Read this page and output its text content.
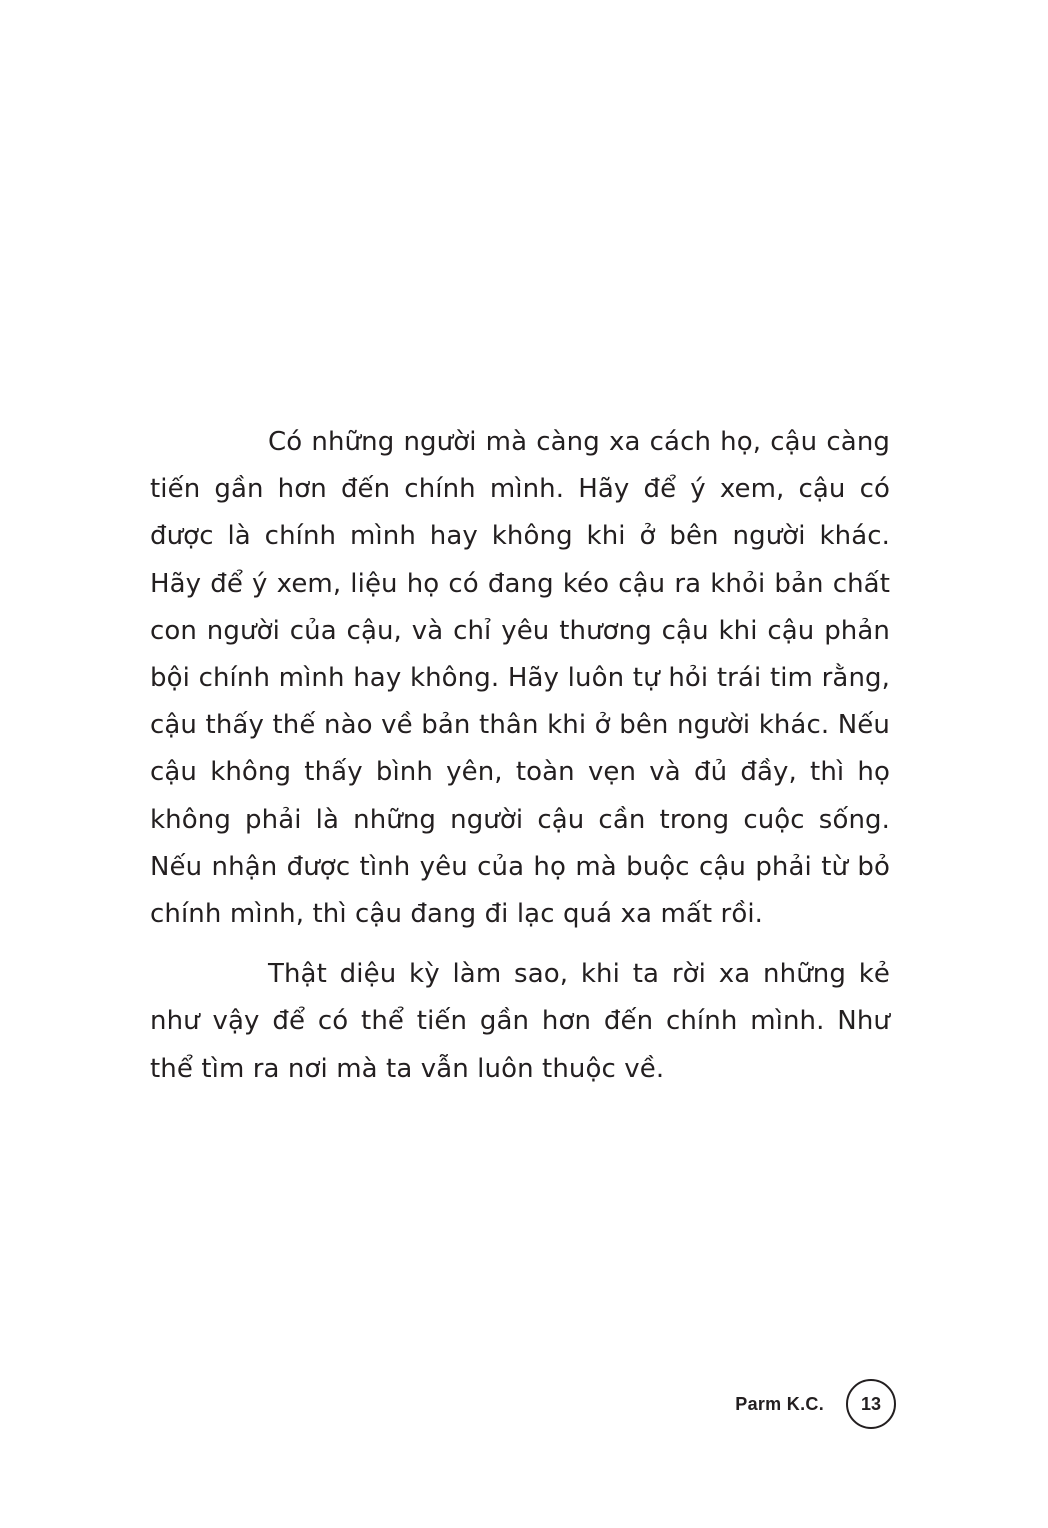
Có những người mà càng xa cách họ, cậu càng tiến gần hơn đến chính mình. Hãy để ý xem, cậu có được là chính mình hay không khi ở bên người khác. Hãy để ý xem, liệu họ có đang kéo cậu ra khỏi bản chất con người của cậu, và chỉ yêu thương cậu khi cậu phản bội chính mình hay không. Hãy luôn tự hỏi trái tim rằng, cậu thấy thế nào về bản thân khi ở bên người khác. Nếu cậu không thấy bình yên, toàn vẹn và đủ đầy, thì họ không phải là những người cậu cần trong cuộc sống. Nếu nhận được tình yêu của họ mà buộc cậu phải từ bỏ chính mình, thì cậu đang đi lạc quá xa mất rồi.

Thật diệu kỳ làm sao, khi ta rời xa những kẻ như vậy để có thể tiến gần hơn đến chính mình. Như thể tìm ra nơi mà ta vẫn luôn thuộc về.

Parm K.C.	13
